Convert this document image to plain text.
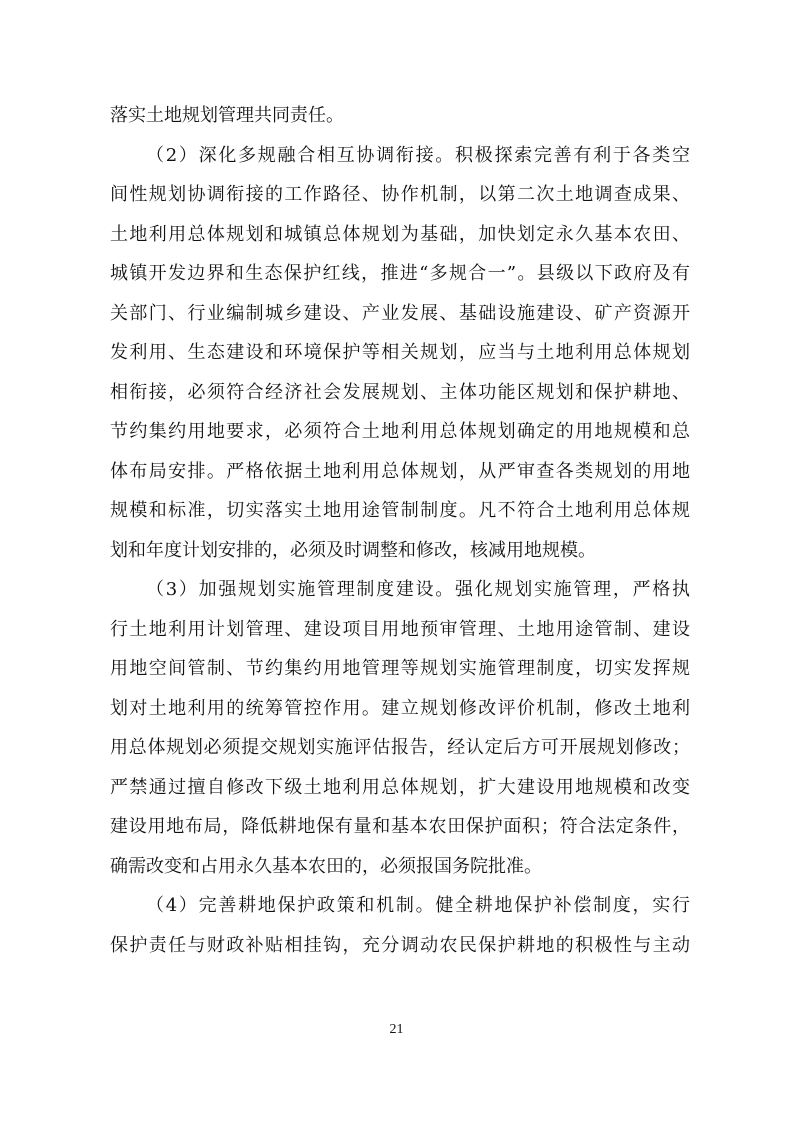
落实土地规划管理共同责任。

（2）深化多规融合相互协调衔接。积极探索完善有利于各类空
间性规划协调衔接的工作路径、协作机制，以第二次土地调查成果、
土地利用总体规划和城镇总体规划为基础，加快划定永久基本农田、
城镇开发边界和生态保护红线，推进“多规合一”。县级以下政府及有
关部门、行业编制城乡建设、产业发展、基础设施建设、矿产资源开
发利用、生态建设和环境保护等相关规划，应当与土地利用总体规划
相衔接，必须符合经济社会发展规划、主体功能区规划和保护耕地、
节约集约用地要求，必须符合土地利用总体规划确定的用地规模和总
体布局安排。严格依据土地利用总体规划，从严审查各类规划的用地
规模和标准，切实落实土地用途管制制度。凡不符合土地利用总体规
划和年度计划安排的，必须及时调整和修改，核减用地规模。

（3）加强规划实施管理制度建设。强化规划实施管理，严格执
行土地利用计划管理、建设项目用地预审管理、土地用途管制、建设
用地空间管制、节约集约用地管理等规划实施管理制度，切实发挥规
划对土地利用的统筹管控作用。建立规划修改评价机制，修改土地利
用总体规划必须提交规划实施评估报告，经认定后方可开展规划修改；
严禁通过擅自修改下级土地利用总体规划，扩大建设用地规模和改变
建设用地布局，降低耕地保有量和基本农田保护面积；符合法定条件，
确需改变和占用永久基本农田的，必须报国务院批准。

（4）完善耕地保护政策和机制。健全耕地保护补偿制度，实行
保护责任与财政补贴相挂钩，充分调动农民保护耕地的积极性与主动

21
